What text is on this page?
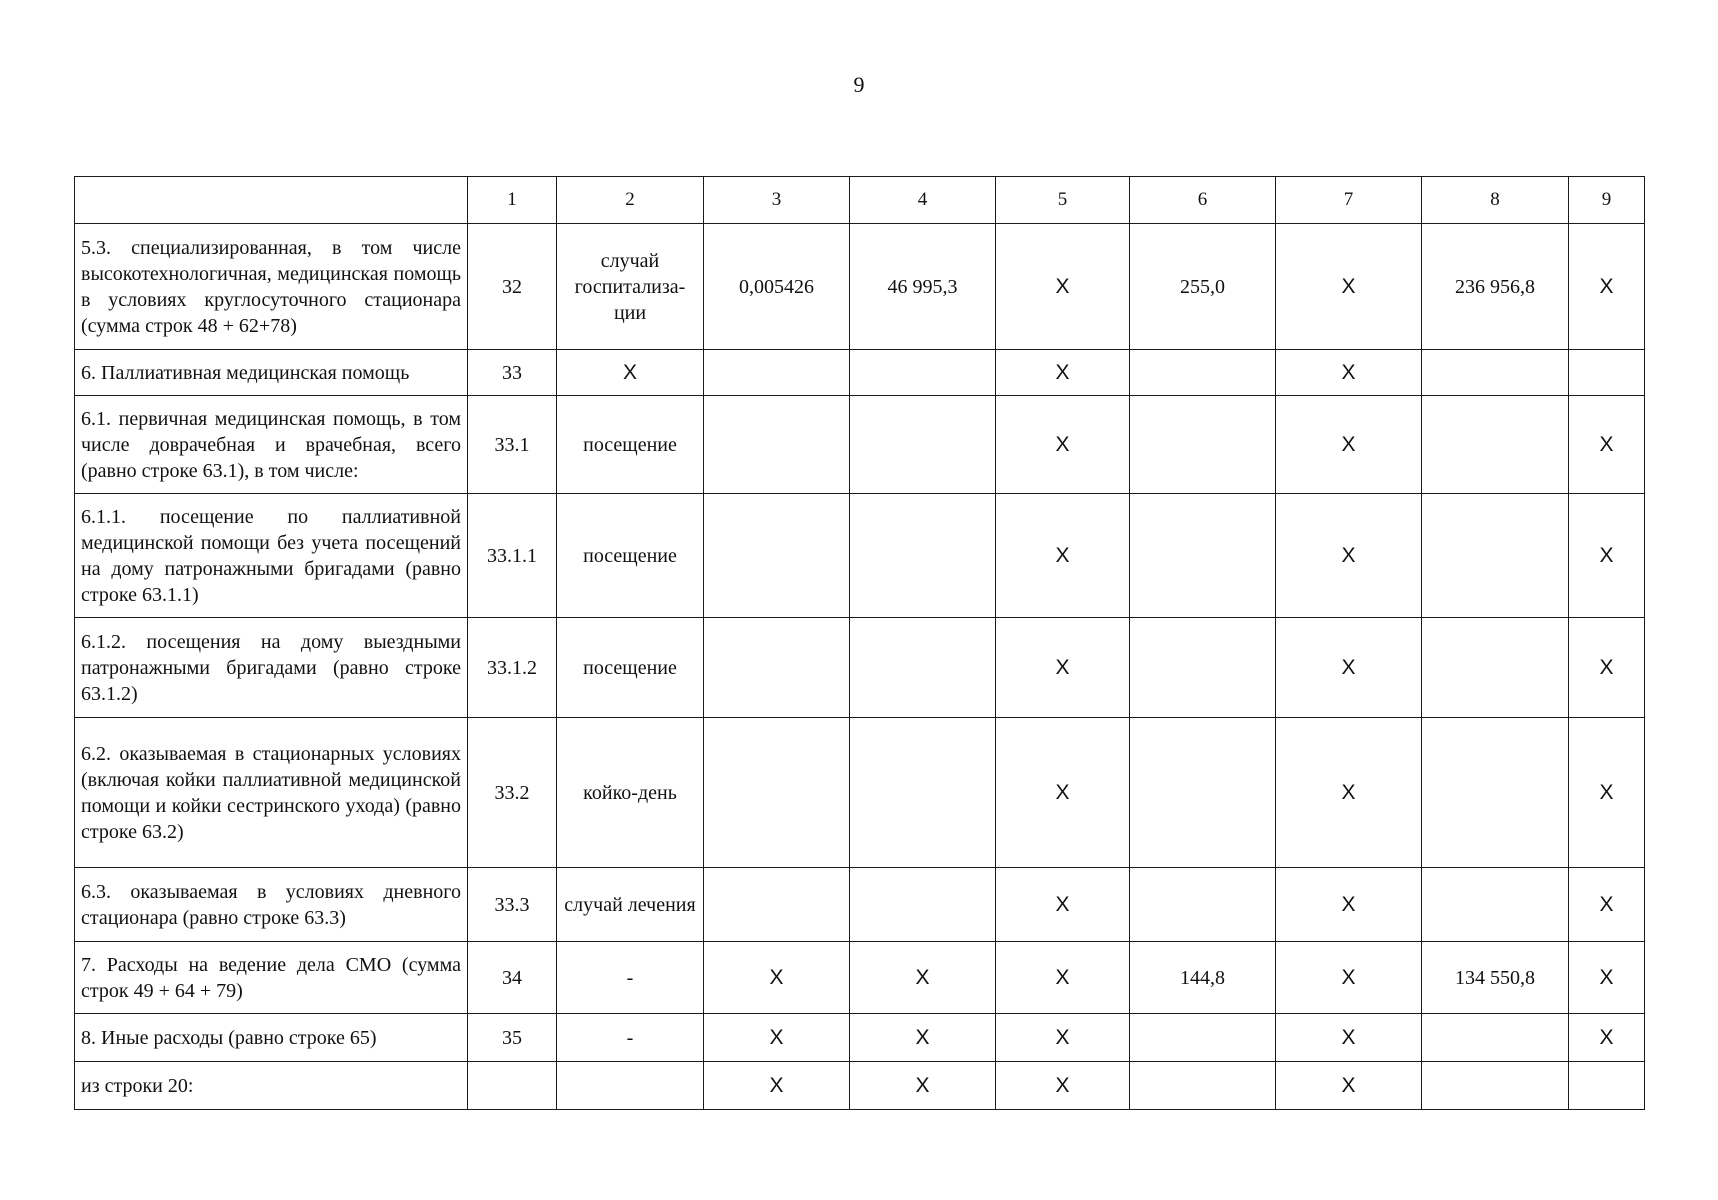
9
	1	2	3	4	5	6	7	8	9
5.3. специализированная, в том числе высокотехнологичная, медицинская помощь в условиях круглосуточного стационара (сумма строк 48 + 62+78)	32	случай госпитализа-ции	0,005426	46 995,3	Х	255,0	Х	236 956,8	Х
6. Паллиативная медицинская помощь	33	Х			Х		Х		
6.1. первичная медицинская помощь, в том числе доврачебная и врачебная, всего (равно строке 63.1), в том числе:	33.1	посещение			Х		Х		Х
6.1.1. посещение по паллиативной медицинской помощи без учета посещений на дому патронажными бригадами (равно строке 63.1.1)	33.1.1	посещение			Х		Х		Х
6.1.2. посещения на дому выездными патронажными бригадами (равно строке 63.1.2)	33.1.2	посещение			Х		Х		Х
6.2. оказываемая в стационарных условиях (включая койки паллиативной медицинской помощи и койки сестринского ухода) (равно строке 63.2)	33.2	койко-день			Х		Х		Х
6.3. оказываемая в условиях дневного стационара (равно строке 63.3)	33.3	случай лечения			Х		Х		Х
7. Расходы на ведение дела СМО (сумма строк 49 + 64 + 79)	34	-	Х	Х	Х	144,8	Х	134 550,8	Х
8. Иные расходы (равно строке 65)	35	-	Х	Х	Х		Х		Х
из строки 20:			Х	Х	Х		Х		
